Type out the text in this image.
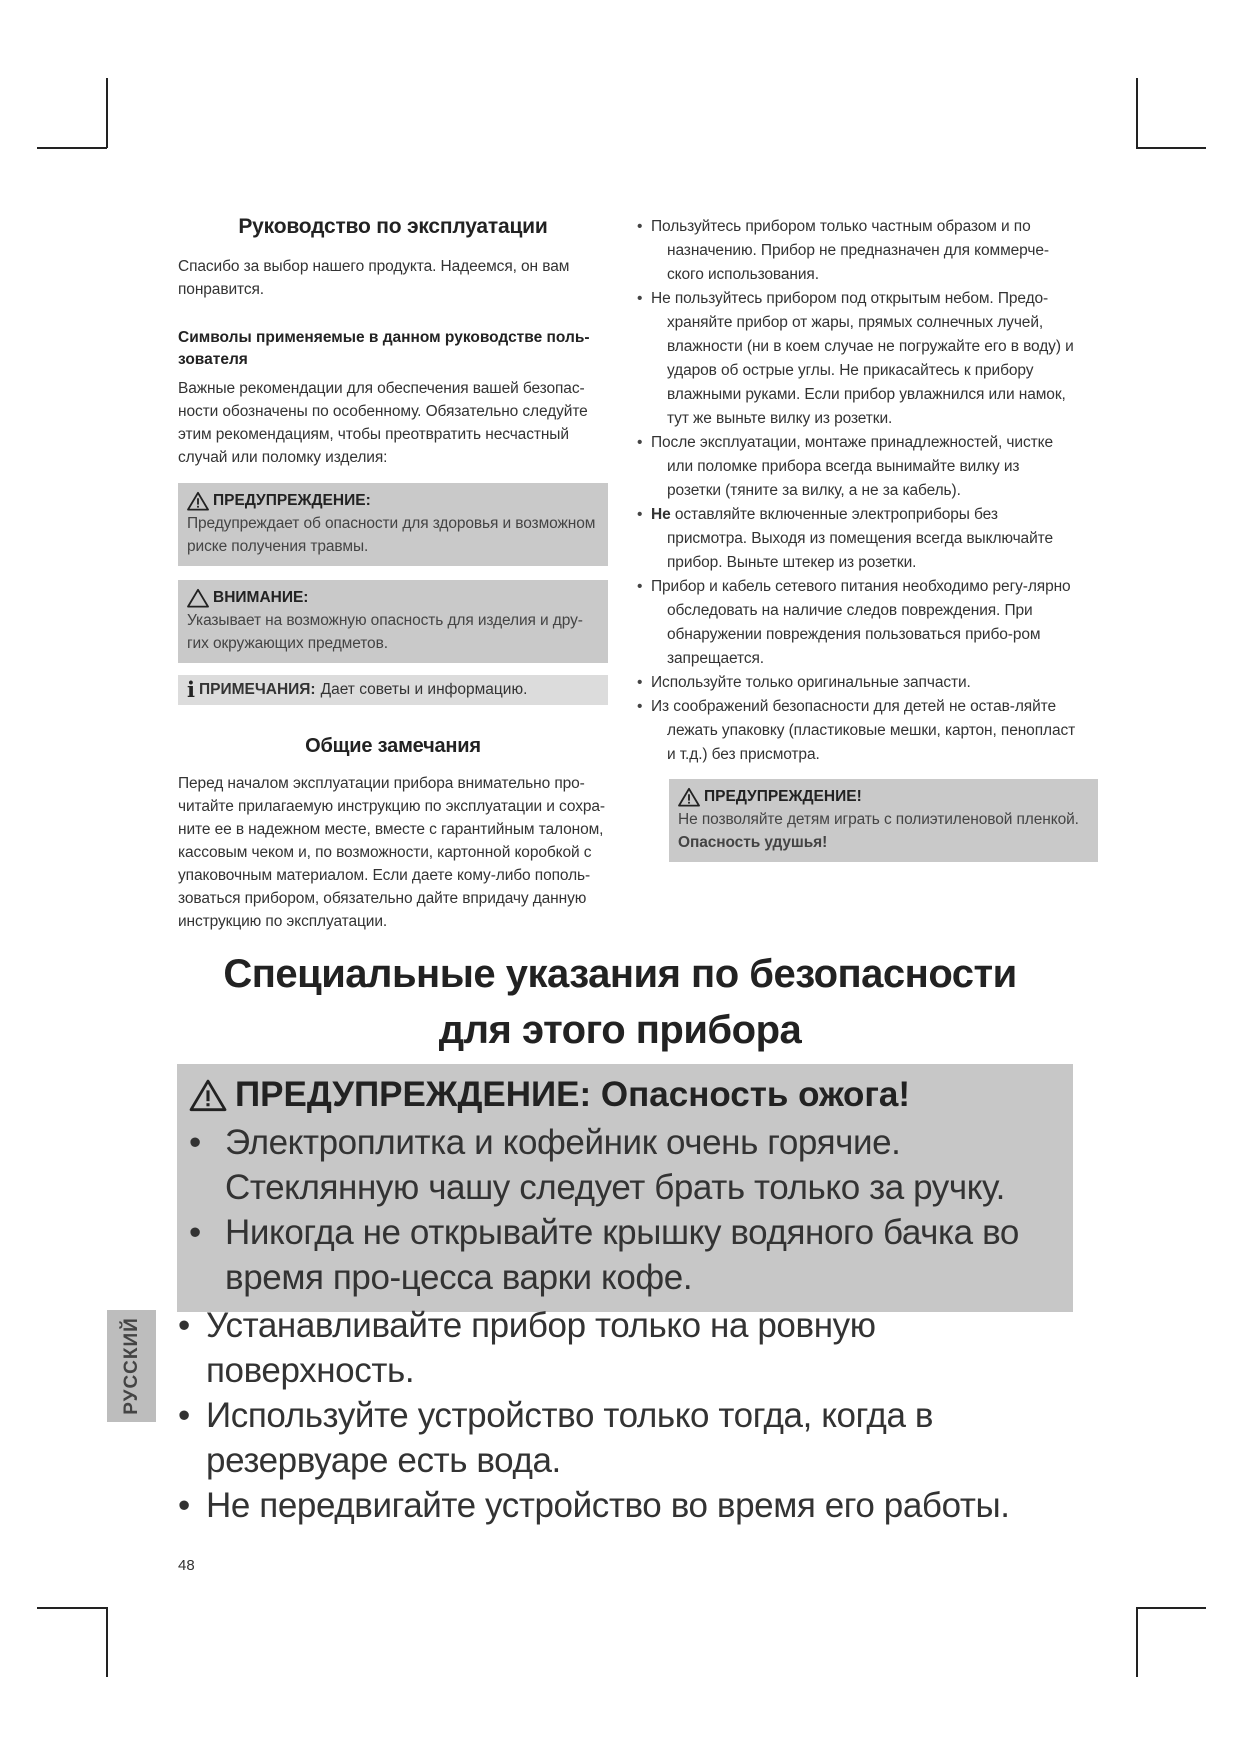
Руководство по эксплуатации

Спасибо за выбор нашего продукта. Надеемся, он вам понравится.

Символы применяемые в данном руководстве поль-зователя

Важные рекомендации для обеспечения вашей безопас-ности обозначены по особенному. Обязательно следуйте этим рекомендациям, чтобы преотвратить несчастный случай или поломку изделия:

ПРЕДУПРЕЖДЕНИЕ:

Предупреждает об опасности для здоровья и возможном риске получения травмы.

ВНИМАНИЕ:

Указывает на возможную опасность для изделия и дру-гих окружающих предметов.

i ПРИМЕЧАНИЯ: Дает советы и информацию.
Общие замечания

Перед началом эксплуатации прибора внимательно про-читайте прилагаемую инструкцию по эксплуатации и сохра-ните ее в надежном месте, вместе с гарантийным талоном, кассовым чеком и, по возможности, картонной коробкой с упаковочным материалом. Если даете кому-либо пополь-зоваться прибором, обязательно дайте впридачу данную инструкцию по эксплуатации.

• Пользуйтесь прибором только частным образом и по назначению. Прибор не предназначен для коммерче-ского использования.
• Не пользуйтесь прибором под открытым небом. Предо-храняйте прибор от жары, прямых солнечных лучей, влажности (ни в коем случае не погружайте его в воду) и ударов об острые углы. Не прикасайтесь к прибору влажными руками. Если прибор увлажнился или намок, тут же выньте вилку из розетки.
• После эксплуатации, монтаже принадлежностей, чистке или поломке прибора всегда вынимайте вилку из розетки (тяните за вилку, а не за кабель).
• Не оставляйте включенные электроприборы без присмотра. Выходя из помещения всегда выключайте прибор. Выньте штекер из розетки.
• Прибор и кабель сетевого питания необходимо регу-лярно обследовать на наличие следов повреждения. При обнаружении повреждения пользоваться прибо-ром запрещается.
• Используйте только оригинальные запчасти.
• Из соображений безопасности для детей не остав-ляйте лежать упаковку (пластиковые мешки, картон, пенопласт и т.д.) без присмотра.
ПРЕДУПРЕЖДЕНИЕ!

Не позволяйте детям играть с полиэтиленовой пленкой. Опасность удушья!

Специальные указания по безопасности
для этого прибора
ПРЕДУПРЕЖДЕНИЕ: Опасность ожога!
• Электроплитка и кофейник очень горячие. Стеклянную чашу следует брать только за ручку.
• Никогда не открывайте крышку водяного бачка во время про-цесса варки кофе.
РУССКИЙ	• Устанавливайте прибор только на ровную поверхность.
• Используйте устройство только тогда, когда в резервуаре есть вода.
• Не передвигайте устройство во время его работы.
48
